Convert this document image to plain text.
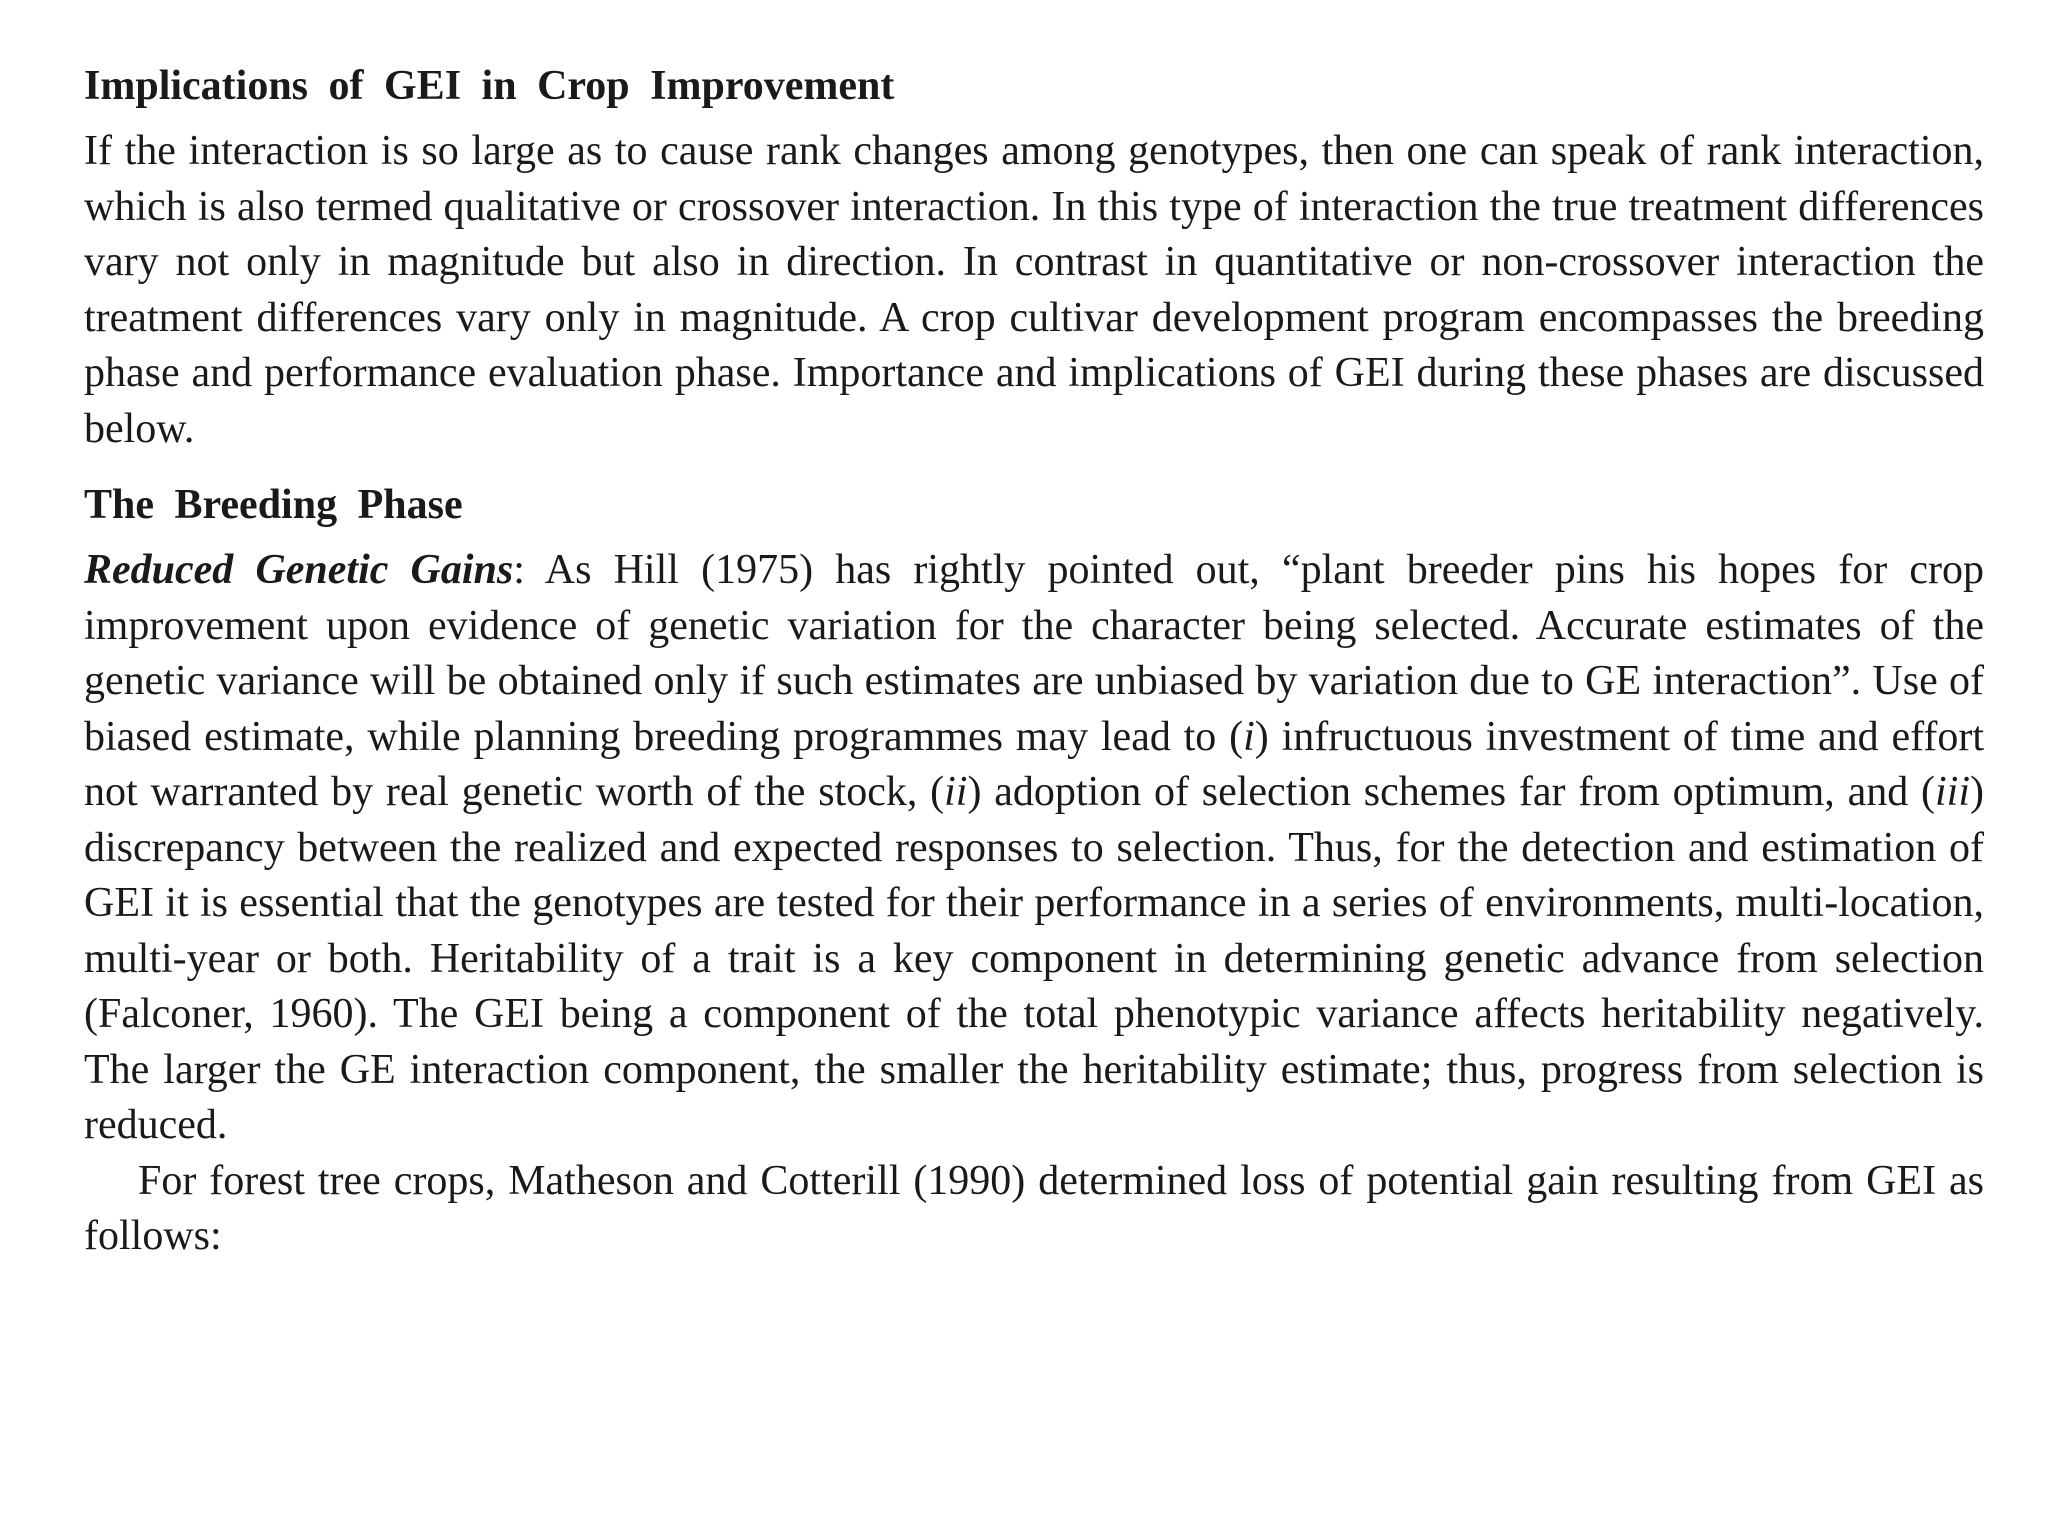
Implications of GEI in Crop Improvement

If the interaction is so large as to cause rank changes among genotypes, then one can speak of rank interaction, which is also termed qualitative or crossover interaction. In this type of interaction the true treatment differences vary not only in magnitude but also in direction. In contrast in quantitative or non-crossover interaction the treatment differences vary only in magnitude. A crop cultivar development program encompasses the breeding phase and performance evaluation phase. Importance and implications of GEI during these phases are discussed below.

The Breeding Phase

Reduced Genetic Gains: As Hill (1975) has rightly pointed out, “plant breeder pins his hopes for crop improvement upon evidence of genetic variation for the character being selected. Accurate estimates of the genetic variance will be obtained only if such estimates are unbiased by variation due to GE interaction”. Use of biased estimate, while planning breeding programmes may lead to (i) infructuous investment of time and effort not warranted by real genetic worth of the stock, (ii) adoption of selection schemes far from optimum, and (iii) discrepancy between the realized and expected responses to selection. Thus, for the detection and estimation of GEI it is essential that the genotypes are tested for their performance in a series of environments, multi-location, multi-year or both. Heritability of a trait is a key component in determining genetic advance from selection (Falconer, 1960). The GEI being a component of the total phenotypic variance affects heritability negatively. The larger the GE interaction component, the smaller the heritability estimate; thus, progress from selection is reduced.

For forest tree crops, Matheson and Cotterill (1990) determined loss of potential gain resulting from GEI as follows:
